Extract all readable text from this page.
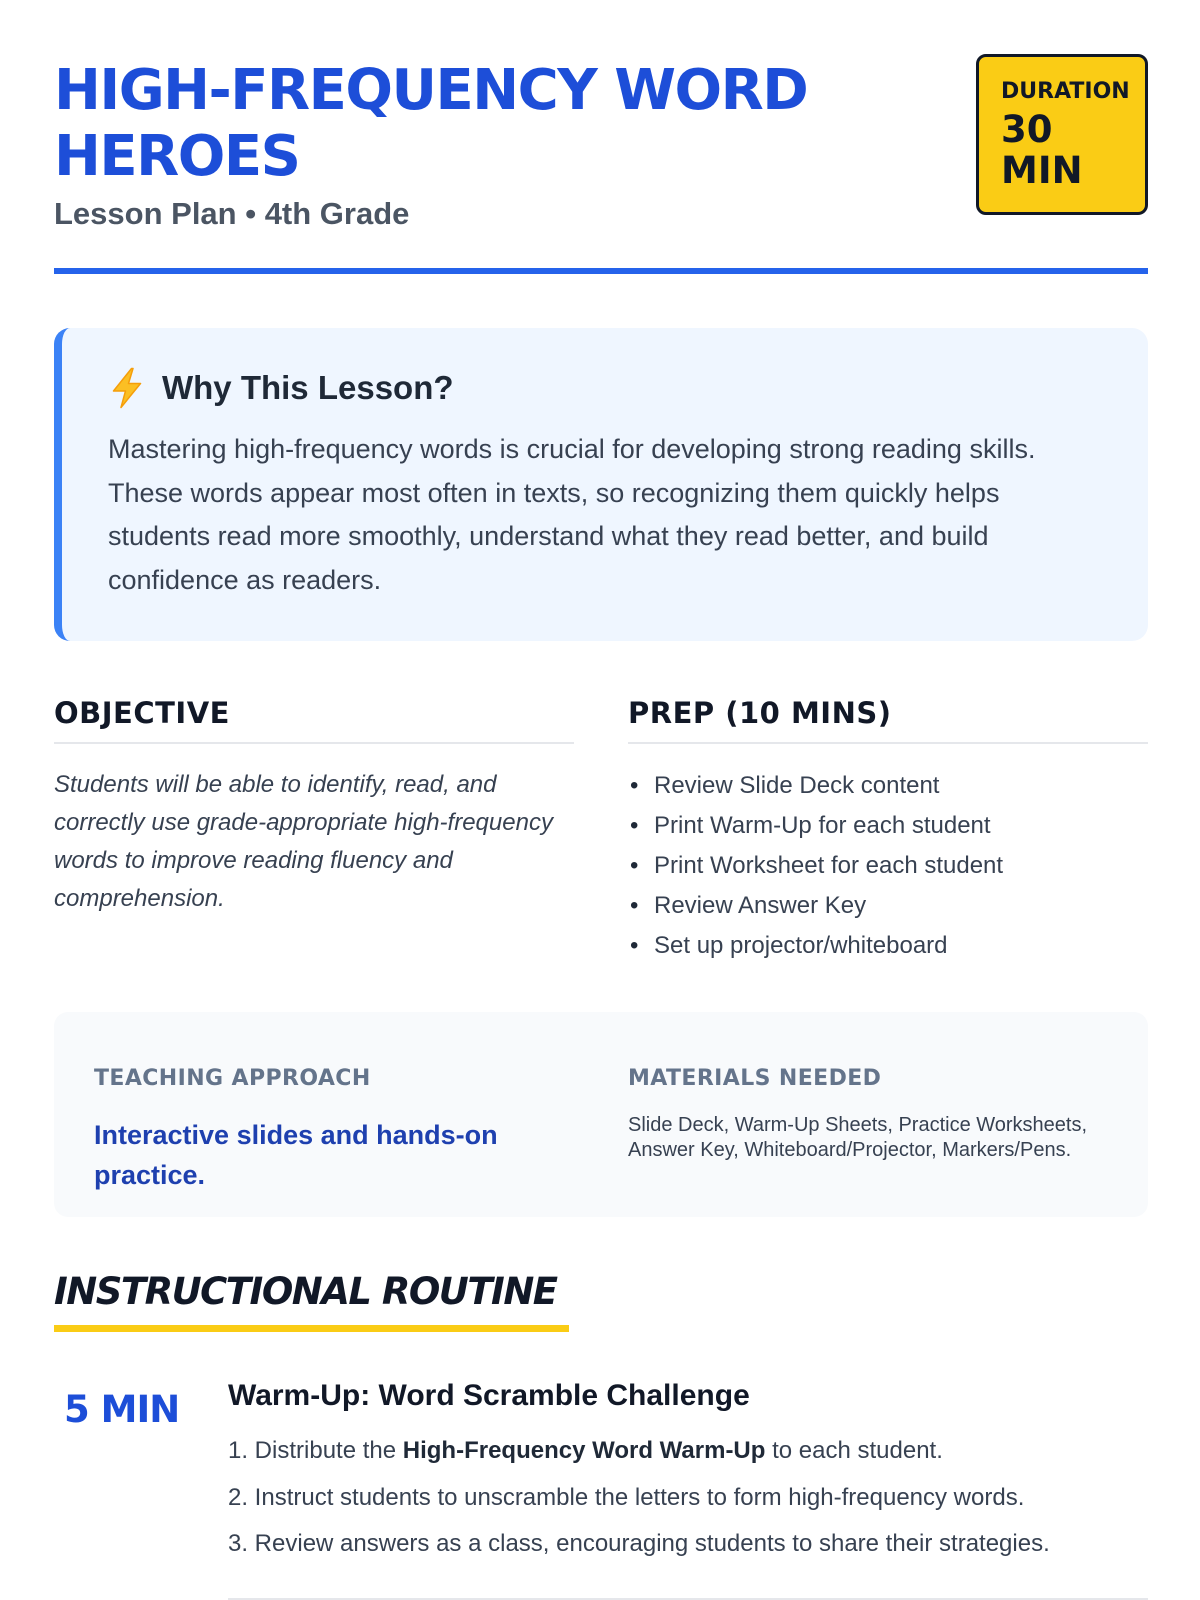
HIGH-FREQUENCY WORD HEROES
Lesson Plan • 4th Grade
DURATION
30 MIN
Why This Lesson?

Mastering high-frequency words is crucial for developing strong reading skills. These words appear most often in texts, so recognizing them quickly helps students read more smoothly, understand what they read better, and build confidence as readers.

OBJECTIVE

Students will be able to identify, read, and correctly use grade-appropriate high-frequency words to improve reading fluency and comprehension.

PREP (10 MINS)
• Review Slide Deck content
• Print Warm-Up for each student
• Print Worksheet for each student
• Review Answer Key
• Set up projector/whiteboard
TEACHING APPROACH
Interactive slides and hands-on practice.
MATERIALS NEEDED
Slide Deck, Warm-Up Sheets, Practice Worksheets, Answer Key, Whiteboard/Projector, Markers/Pens.
INSTRUCTIONAL ROUTINE
5 MIN Warm-Up: Word Scramble Challenge
1. Distribute the High-Frequency Word Warm-Up to each student.
2. Instruct students to unscramble the letters to form high-frequency words.
3. Review answers as a class, encouraging students to share their strategies.
